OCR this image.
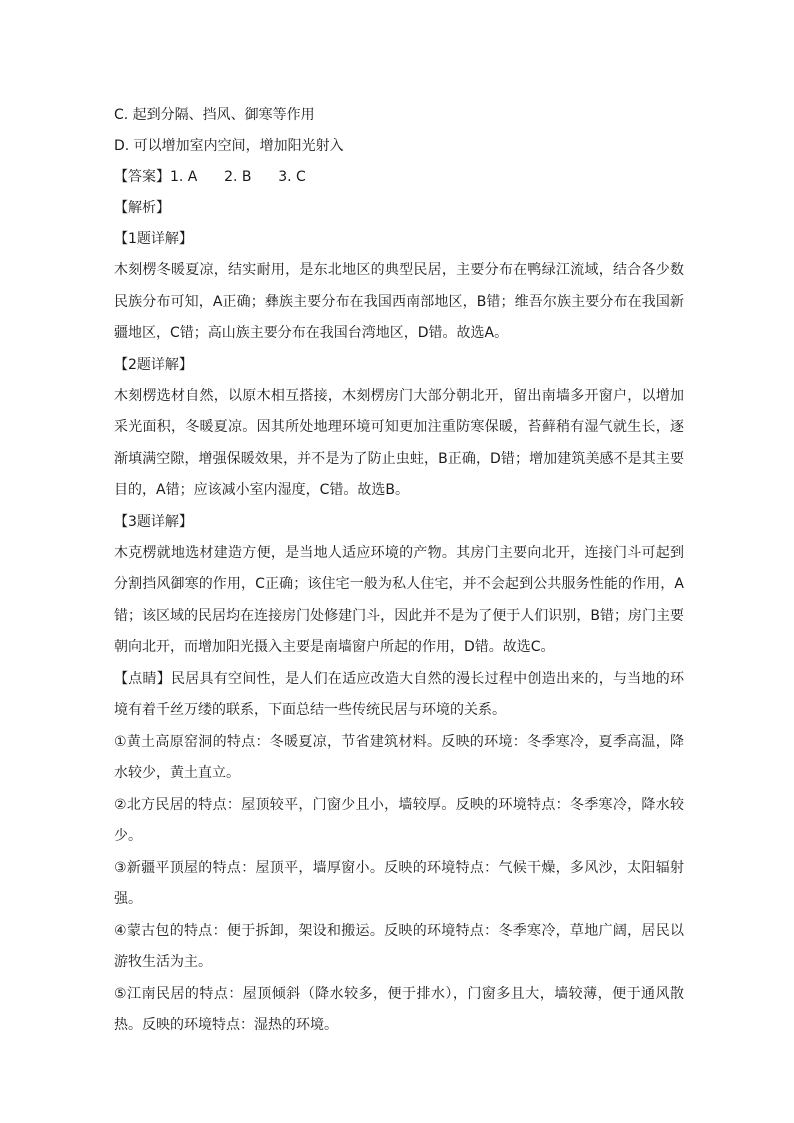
C. 起到分隔、挡风、御寒等作用
D. 可以增加室内空间，增加阳光射入
【答案】1. A      2. B      3. C
【解析】
【1题详解】
木刻楞冬暖夏凉，结实耐用，是东北地区的典型民居，主要分布在鸭绿江流域，结合各少数民族分布可知，A正确；彝族主要分布在我国西南部地区，B错；维吾尔族主要分布在我国新疆地区，C错；高山族主要分布在我国台湾地区，D错。故选A。
【2题详解】
木刻楞选材自然，以原木相互搭接，木刻楞房门大部分朝北开，留出南墙多开窗户，以增加采光面积，冬暖夏凉。因其所处地理环境可知更加注重防寒保暖，苔藓稍有湿气就生长，逐渐填满空隙，增强保暖效果，并不是为了防止虫蛀，B正确，D错；增加建筑美感不是其主要目的，A错；应该减小室内湿度，C错。故选B。
【3题详解】
木克楞就地选材建造方便，是当地人适应环境的产物。其房门主要向北开，连接门斗可起到分割挡风御寒的作用，C正确；该住宅一般为私人住宅，并不会起到公共服务性能的作用，A错；该区域的民居均在连接房门处修建门斗，因此并不是为了便于人们识别，B错；房门主要朝向北开，而增加阳光摄入主要是南墙窗户所起的作用，D错。故选C。
【点睛】民居具有空间性，是人们在适应改造大自然的漫长过程中创造出来的，与当地的环境有着千丝万缕的联系，下面总结一些传统民居与环境的关系。
①黄土高原窑洞的特点：冬暖夏凉，节省建筑材料。反映的环境：冬季寒冷，夏季高温，降水较少，黄土直立。
②北方民居的特点：屋顶较平，门窗少且小，墙较厚。反映的环境特点：冬季寒冷，降水较少。
③新疆平顶屋的特点：屋顶平，墙厚窗小。反映的环境特点：气候干燥，多风沙，太阳辐射强。
④蒙古包的特点：便于拆卸，架设和搬运。反映的环境特点：冬季寒冷，草地广阔，居民以游牧生活为主。
⑤江南民居的特点：屋顶倾斜（降水较多，便于排水），门窗多且大，墙较薄，便于通风散热。反映的环境特点：湿热的环境。
